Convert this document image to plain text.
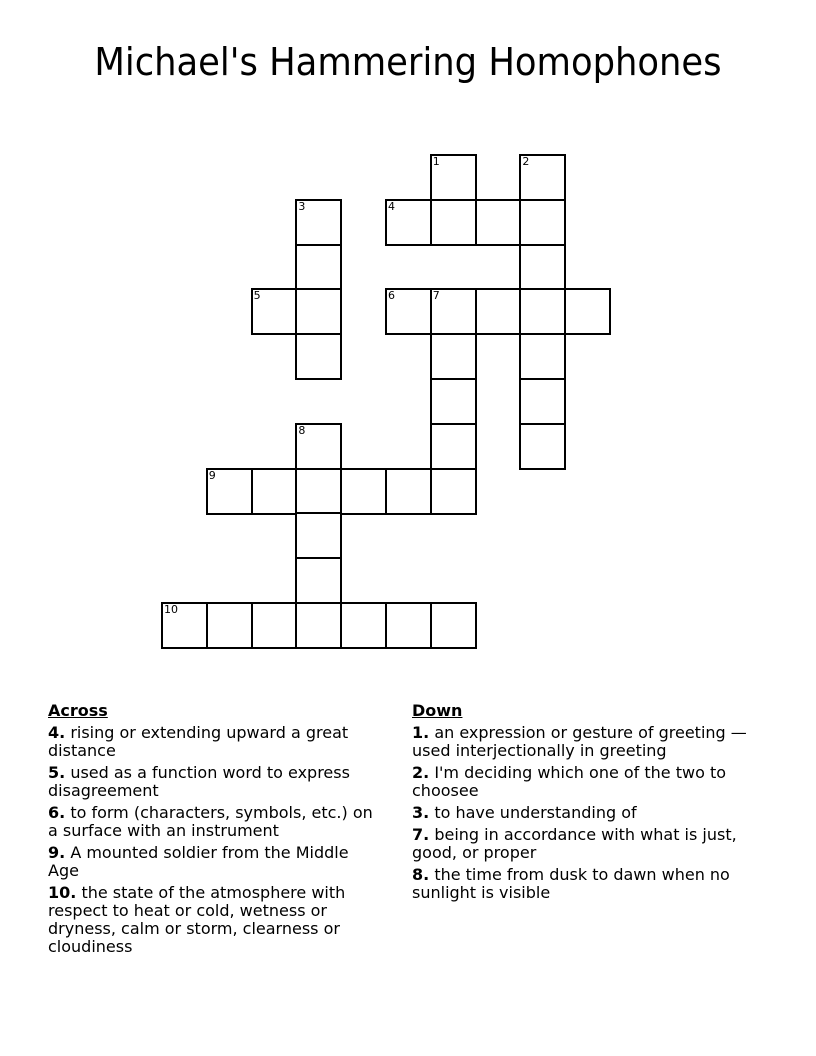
Michael's Hammering Homophones
1	2
3	4
5	6	7
8
9
10
Across
4. rising or extending upward a great distance
5. used as a function word to express disagreement
6. to form (characters, symbols, etc.) on a surface with an instrument
9. A mounted soldier from the Middle Age
10. the state of the atmosphere with respect to heat or cold, wetness or dryness, calm or storm, clearness or cloudiness
Down
1. an expression or gesture of greeting —used interjectionally in greeting
2. I'm deciding which one of the two to choosee
3. to have understanding of
7. being in accordance with what is just, good, or proper
8. the time from dusk to dawn when no sunlight is visible
